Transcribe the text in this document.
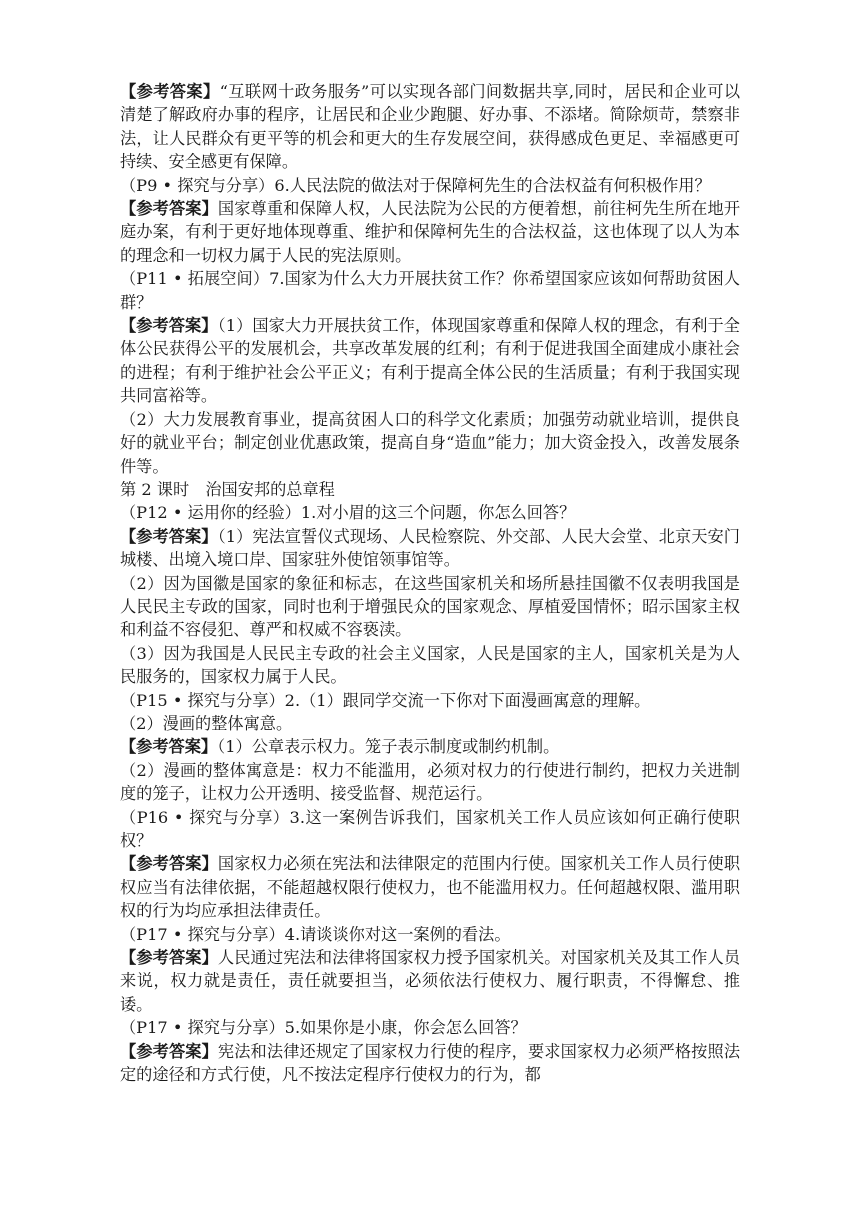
【参考答案】“互联网十政务服务”可以实现各部门间数据共享,同时，居民和企业可以清楚了解政府办事的程序，让居民和企业少跑腿、好办事、不添堵。简除烦苛，禁察非法，让人民群众有更平等的机会和更大的生存发展空间，获得感成色更足、幸福感更可持续、安全感更有保障。

（P9 • 探究与分享）6.人民法院的做法对于保障柯先生的合法权益有何积极作用？

【参考答案】国家尊重和保障人权，人民法院为公民的方便着想，前往柯先生所在地开庭办案，有利于更好地体现尊重、维护和保障柯先生的合法权益，这也体现了以人为本的理念和一切权力属于人民的宪法原则。

（P11 • 拓展空间）7.国家为什么大力开展扶贫工作？你希望国家应该如何帮助贫困人群？

【参考答案】（1）国家大力开展扶贫工作，体现国家尊重和保障人权的理念，有利于全体公民获得公平的发展机会，共享改革发展的红利；有利于促进我国全面建成小康社会的进程；有利于维护社会公平正义；有利于提高全体公民的生活质量；有利于我国实现共同富裕等。

（2）大力发展教育事业，提高贫困人口的科学文化素质；加强劳动就业培训，提供良好的就业平台；制定创业优惠政策，提高自身“造血”能力；加大资金投入，改善发展条件等。

第 2 课时　治国安邦的总章程

（P12 • 运用你的经验）1.对小眉的这三个问题，你怎么回答？

【参考答案】（1）宪法宣誓仪式现场、人民检察院、外交部、人民大会堂、北京天安门城楼、出境入境口岸、国家驻外使馆领事馆等。

（2）因为国徽是国家的象征和标志，在这些国家机关和场所悬挂国徽不仅表明我国是人民民主专政的国家，同时也利于增强民众的国家观念、厚植爱国情怀；昭示国家主权和利益不容侵犯、尊严和权威不容亵渎。

（3）因为我国是人民民主专政的社会主义国家，人民是国家的主人，国家机关是为人民服务的，国家权力属于人民。

（P15 • 探究与分享）2.（1）跟同学交流一下你对下面漫画寓意的理解。

（2）漫画的整体寓意。

【参考答案】（1）公章表示权力。笼子表示制度或制约机制。

（2）漫画的整体寓意是：权力不能滥用，必须对权力的行使进行制约，把权力关进制度的笼子，让权力公开透明、接受监督、规范运行。

（P16 • 探究与分享）3.这一案例告诉我们，国家机关工作人员应该如何正确行使职权？

【参考答案】国家权力必须在宪法和法律限定的范围内行使。国家机关工作人员行使职权应当有法律依据，不能超越权限行使权力，也不能滥用权力。任何超越权限、滥用职权的行为均应承担法律责任。

（P17 • 探究与分享）4.请谈谈你对这一案例的看法。

【参考答案】人民通过宪法和法律将国家权力授予国家机关。对国家机关及其工作人员来说，权力就是责任，责任就要担当，必须依法行使权力、履行职责，不得懈怠、推诿。

（P17 • 探究与分享）5.如果你是小康，你会怎么回答？

【参考答案】宪法和法律还规定了国家权力行使的程序，要求国家权力必须严格按照法定的途径和方式行使，凡不按法定程序行使权力的行为，都
